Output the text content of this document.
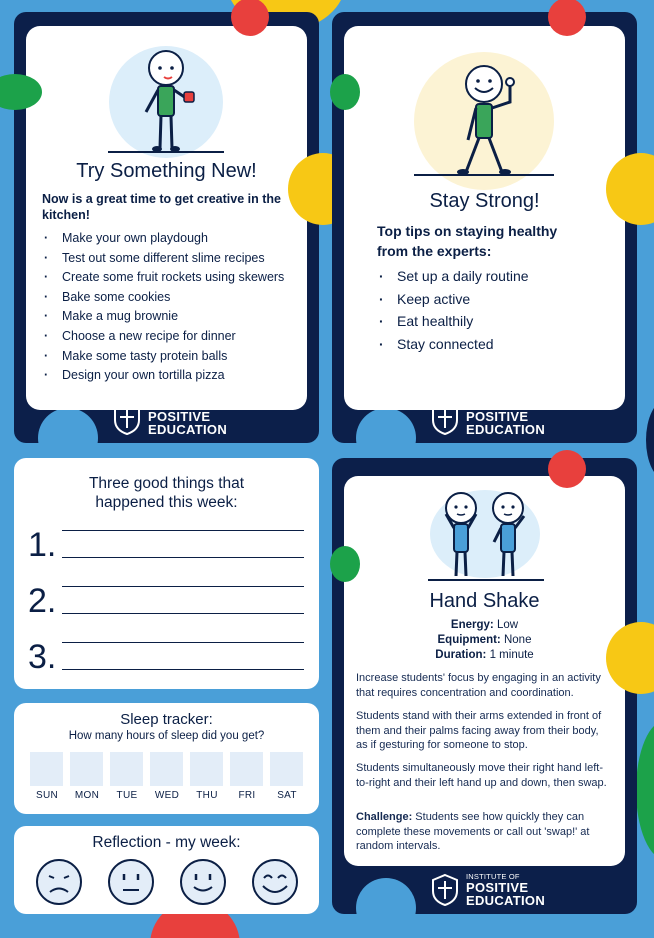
Try Something New!
Now is a great time to get creative in the kitchen!
· Make your own playdough
· Test out some different slime recipes
· Create some fruit rockets using skewers
· Bake some cookies
· Make a mug brownie
· Choose a new recipe for dinner
· Make some tasty protein balls
· Design your own tortilla pizza
INSTITUTE OF
POSITIVE
EDUCATION
Stay Strong!
Top tips on staying healthy from the experts:
· Set up a daily routine
· Keep active
· Eat healthily
· Stay connected
INSTITUTE OF
POSITIVE
EDUCATION
Three good things that happened this week:
1.
2.
3.
Sleep tracker:
How many hours of sleep did you get?
SUN	MON	TUE	WED	THU	FRI	SAT
Reflection - my week:
Hand Shake
Energy: Low
Equipment: None
Duration: 1 minute
Increase students' focus by engaging in an activity that requires concentration and coordination.
Students stand with their arms extended in front of them and their palms facing away from their body, as if gesturing for someone to stop.
Students simultaneously move their right hand left-to-right and their left hand up and down, then swap.
Challenge: Students see how quickly they can complete these movements or call out 'swap!' at random intervals.
INSTITUTE OF
POSITIVE
EDUCATION
